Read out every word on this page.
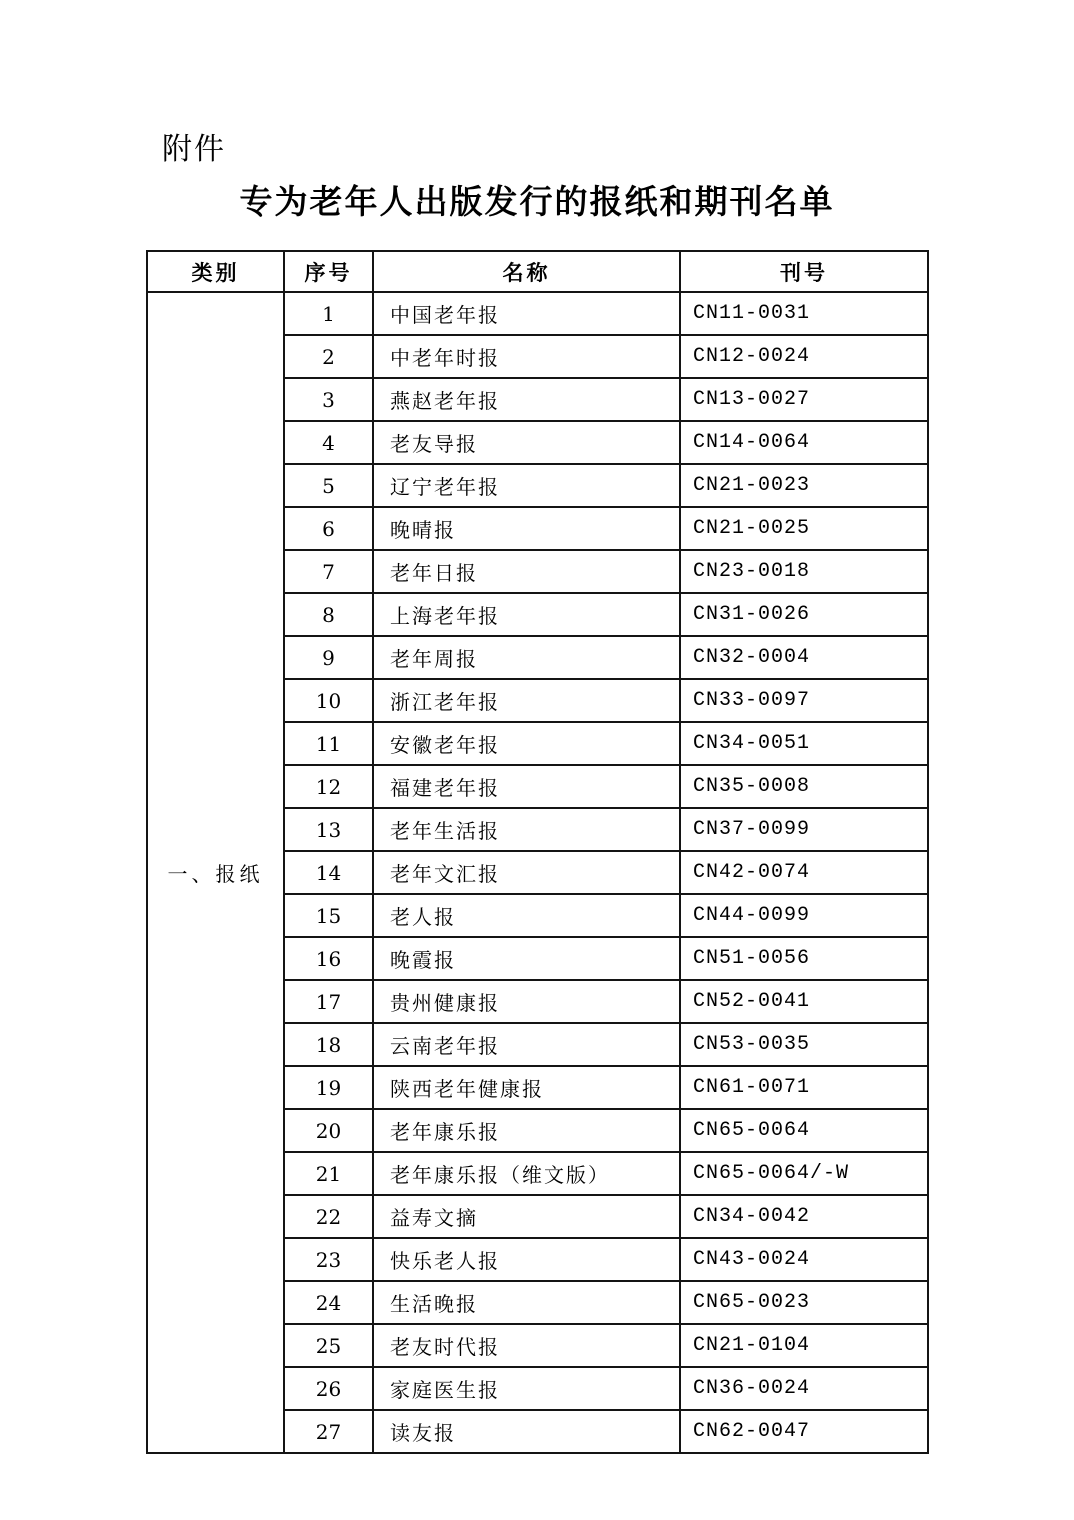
附件
专为老年人出版发行的报纸和期刊名单
类别	序号	名称	刊号
一、报纸	1	中国老年报	CN11-0031
	2	中老年时报	CN12-0024
	3	燕赵老年报	CN13-0027
	4	老友导报	CN14-0064
	5	辽宁老年报	CN21-0023
	6	晚晴报	CN21-0025
	7	老年日报	CN23-0018
	8	上海老年报	CN31-0026
	9	老年周报	CN32-0004
	10	浙江老年报	CN33-0097
	11	安徽老年报	CN34-0051
	12	福建老年报	CN35-0008
	13	老年生活报	CN37-0099
	14	老年文汇报	CN42-0074
	15	老人报	CN44-0099
	16	晚霞报	CN51-0056
	17	贵州健康报	CN52-0041
	18	云南老年报	CN53-0035
	19	陕西老年健康报	CN61-0071
	20	老年康乐报	CN65-0064
	21	老年康乐报（维文版）	CN65-0064/-W
	22	益寿文摘	CN34-0042
	23	快乐老人报	CN43-0024
	24	生活晚报	CN65-0023
	25	老友时代报	CN21-0104
	26	家庭医生报	CN36-0024
	27	读友报	CN62-0047
